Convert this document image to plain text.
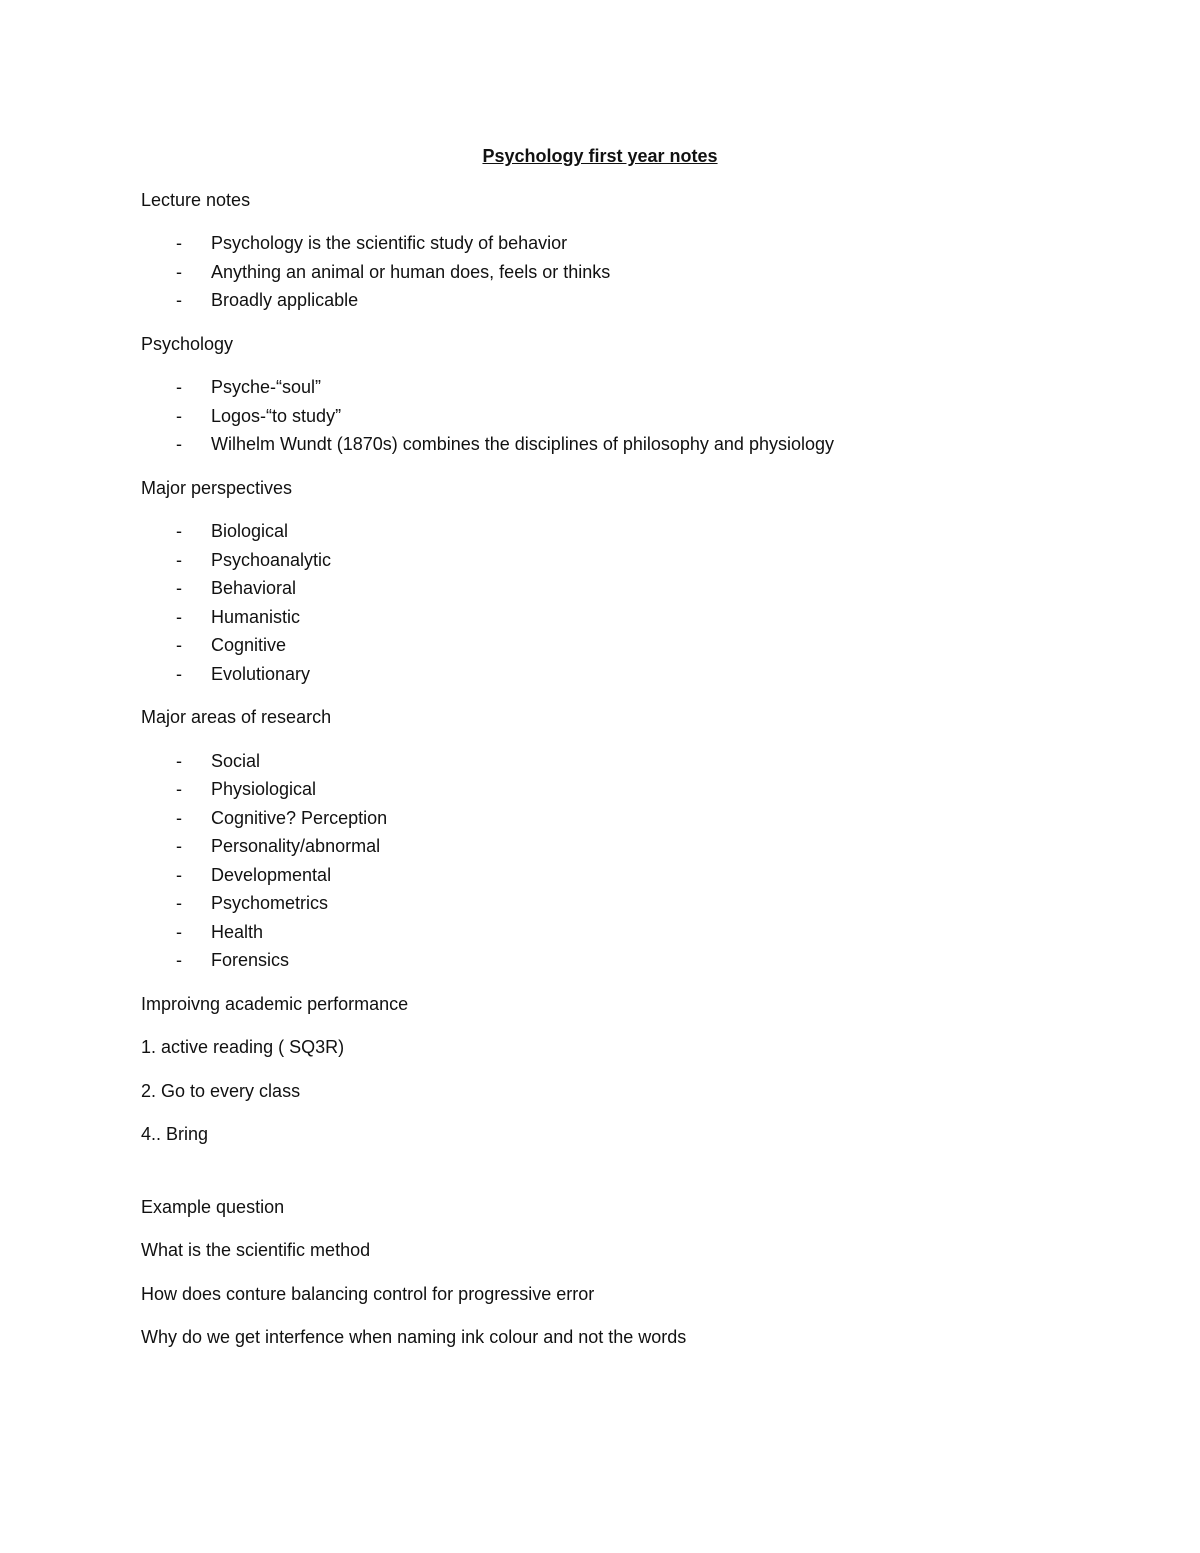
Psychology first year notes

Lecture notes

- Psychology is the scientific study of behavior
- Anything an animal or human does, feels or thinks
- Broadly applicable

Psychology

- Psyche-“soul”
- Logos-“to study”
- Wilhelm Wundt (1870s) combines the disciplines of philosophy and physiology

Major perspectives

- Biological
- Psychoanalytic
- Behavioral
- Humanistic
- Cognitive
- Evolutionary

Major areas of research

- Social
- Physiological
- Cognitive? Perception
- Personality/abnormal
- Developmental
- Psychometrics
- Health
- Forensics

Improivng academic performance

1. active reading ( SQ3R)

2. Go to every class

4.. Bring

Example question

What is the scientific method

How does conture balancing control for progressive error

Why do we get interfence when naming ink colour and not the words
